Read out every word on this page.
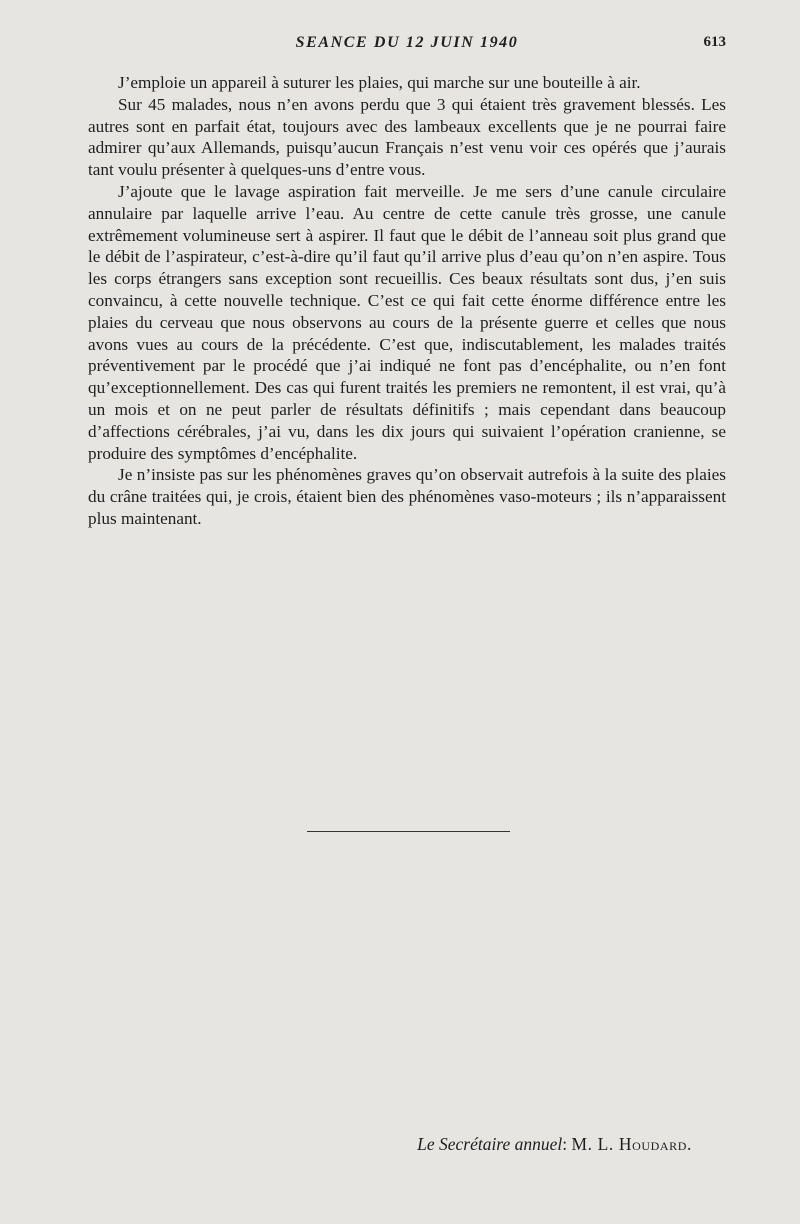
SEANCE DU 12 JUIN 1940	613

J’emploie un appareil à suturer les plaies, qui marche sur une bouteille à air.

Sur 45 malades, nous n’en avons perdu que 3 qui étaient très gravement blessés. Les autres sont en parfait état, toujours avec des lambeaux excellents que je ne pourrai faire admirer qu’aux Allemands, puisqu’aucun Français n’est venu voir ces opérés que j’aurais tant voulu présenter à quelques-uns d’entre vous.

J’ajoute que le lavage aspiration fait merveille. Je me sers d’une canule circulaire annulaire par laquelle arrive l’eau. Au centre de cette canule très grosse, une canule extrêmement volumineuse sert à aspirer. Il faut que le débit de l’anneau soit plus grand que le débit de l’aspirateur, c’est-à-dire qu’il faut qu’il arrive plus d’eau qu’on n’en aspire. Tous les corps étrangers sans exception sont recueillis. Ces beaux résultats sont dus, j’en suis convaincu, à cette nouvelle technique. C’est ce qui fait cette énorme différence entre les plaies du cerveau que nous observons au cours de la présente guerre et celles que nous avons vues au cours de la précédente. C’est que, indiscutablement, les malades traités préventivement par le procédé que j’ai indiqué ne font pas d’encéphalite, ou n’en font qu’exceptionnellement. Des cas qui furent traités les premiers ne remontent, il est vrai, qu’à un mois et on ne peut parler de résultats définitifs ; mais cependant dans beaucoup d’affections cérébrales, j’ai vu, dans les dix jours qui suivaient l’opération cranienne, se produire des symptômes d’encéphalite.

Je n’insiste pas sur les phénomènes graves qu’on observait autrefois à la suite des plaies du crâne traitées qui, je crois, étaient bien des phénomènes vaso-moteurs ; ils n’apparaissent plus maintenant.

Le Secrétaire annuel: M. L. Houdard.
